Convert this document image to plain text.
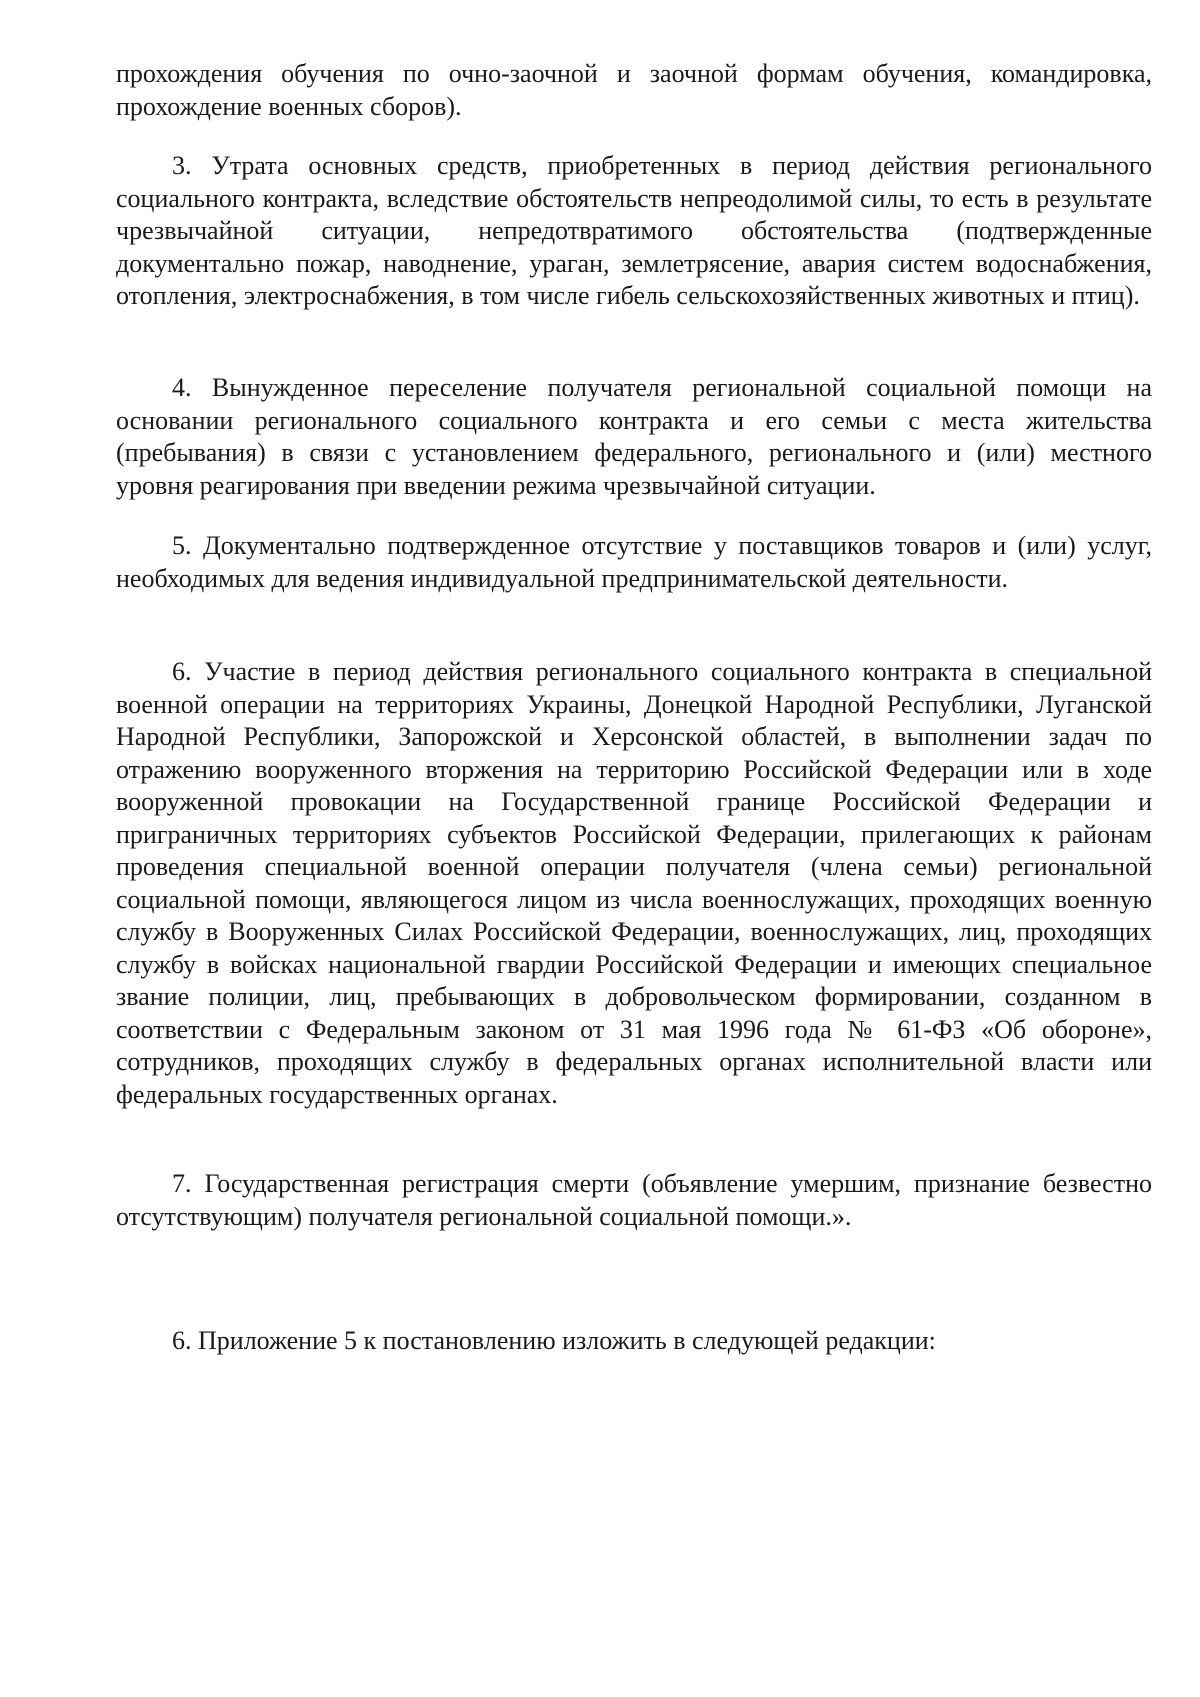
прохождения обучения по очно-заочной и заочной формам обучения, командировка, прохождение военных сборов).

3. Утрата основных средств, приобретенных в период действия регионального социального контракта, вследствие обстоятельств непреодолимой силы, то есть в результате чрезвычайной ситуации, непредотвратимого обстоятельства (подтвержденные документально пожар, наводнение, ураган, землетрясение, авария систем водоснабжения, отопления, электроснабжения, в том числе гибель сельскохозяйственных животных и птиц).

4. Вынужденное переселение получателя региональной социальной помощи на основании регионального социального контракта и его семьи с места жительства (пребывания) в связи с установлением федерального, регионального и (или) местного уровня реагирования при введении режима чрезвычайной ситуации.

5. Документально подтвержденное отсутствие у поставщиков товаров и (или) услуг, необходимых для ведения индивидуальной предпринимательской деятельности.

6. Участие в период действия регионального социального контракта в специальной военной операции на территориях Украины, Донецкой Народной Республики, Луганской Народной Республики, Запорожской и Херсонской областей, в выполнении задач по отражению вооруженного вторжения на территорию Российской Федерации или в ходе вооруженной провокации на Государственной границе Российской Федерации и приграничных территориях субъектов Российской Федерации, прилегающих к районам проведения специальной военной операции получателя (члена семьи) региональной социальной помощи, являющегося лицом из числа военнослужащих, проходящих военную службу в Вооруженных Силах Российской Федерации, военнослужащих, лиц, проходящих службу в войсках национальной гвардии Российской Федерации и имеющих специальное звание полиции, лиц, пребывающих в добровольческом формировании, созданном в соответствии с Федеральным законом от 31 мая 1996 года № 61-ФЗ «Об обороне», сотрудников, проходящих службу в федеральных органах исполнительной власти или федеральных государственных органах.

7. Государственная регистрация смерти (объявление умершим, признание безвестно отсутствующим) получателя региональной социальной помощи.».

6. Приложение 5 к постановлению изложить в следующей редакции:
